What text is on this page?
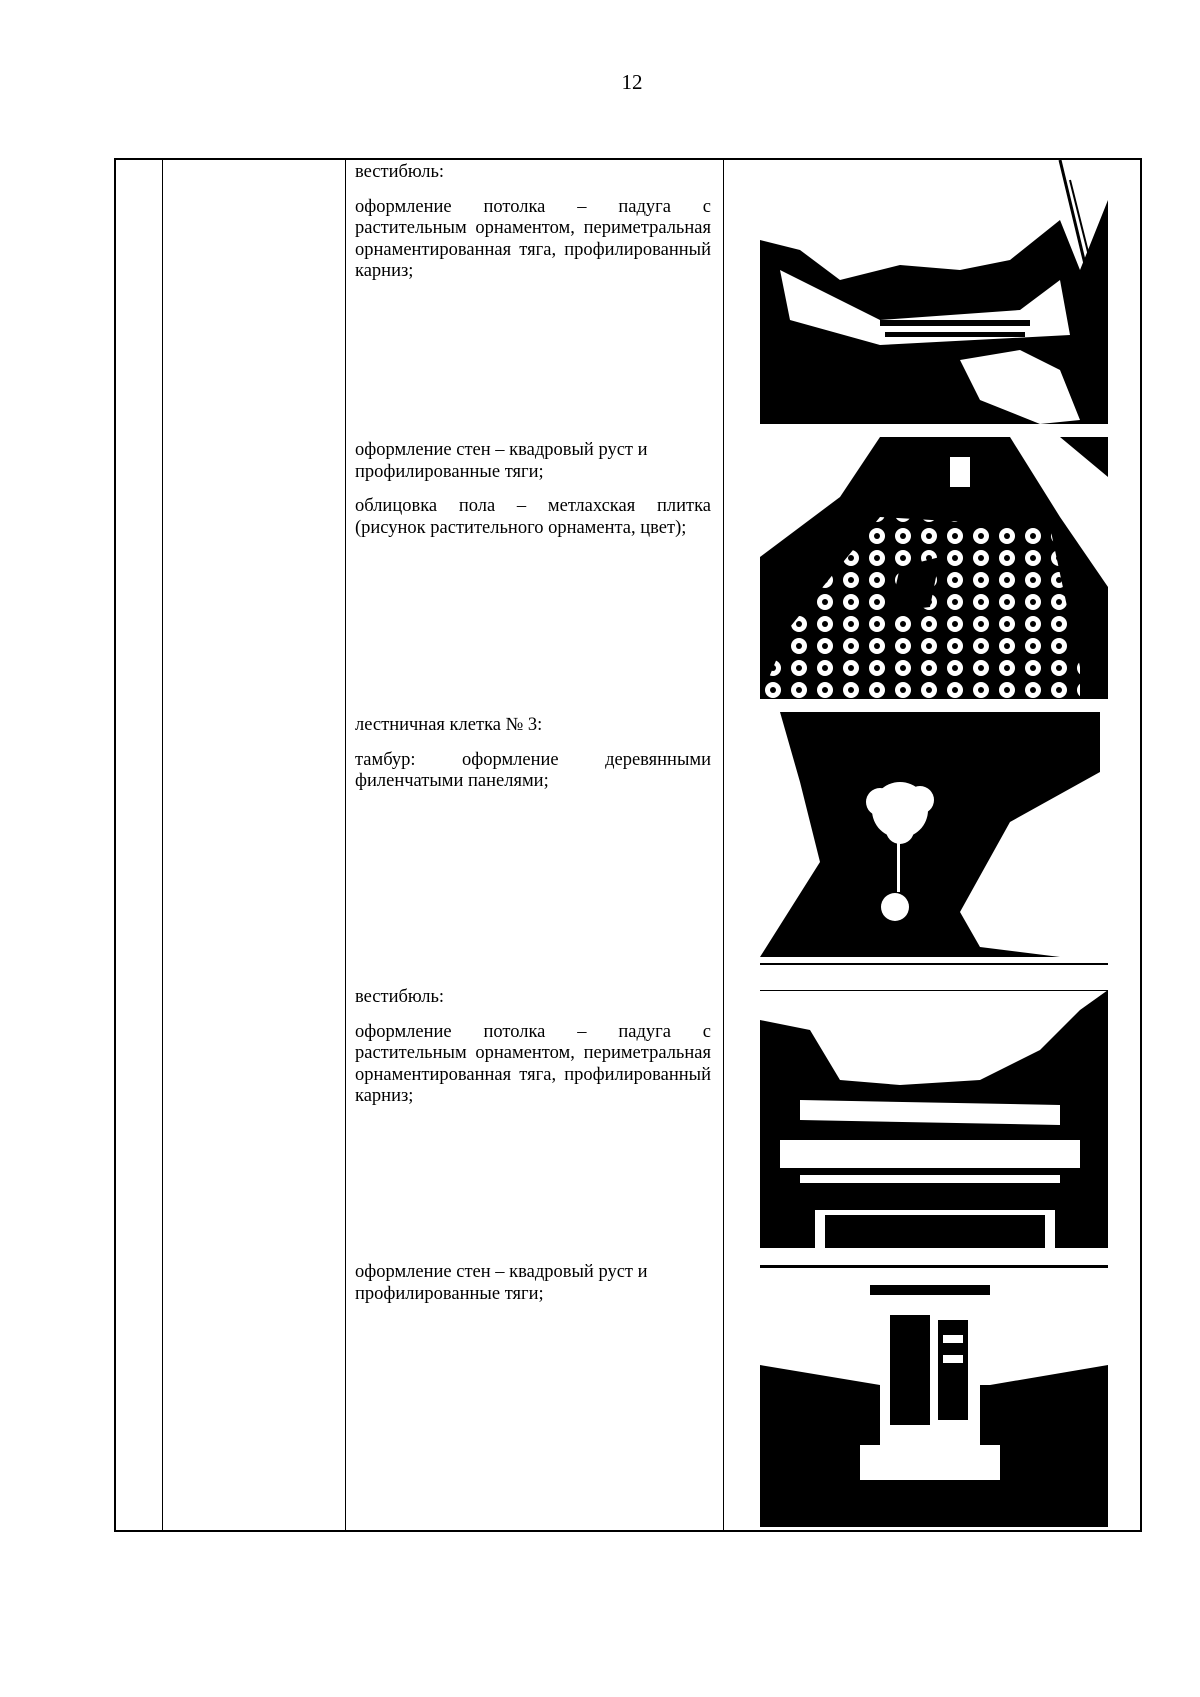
12

вестибюль:

оформление потолка – падуга с растительным орнаментом, периметральная орнаментированная тяга, профилированный карниз;

оформление стен – квадровый руст и профилированные тяги;

облицовка пола – метлахская плитка (рисунок растительного орнамента, цвет);

лестничная клетка № 3:

тамбур: оформление деревянными филенчатыми панелями;

вестибюль:

оформление потолка – падуга с растительным орнаментом, периметральная орнаментированная тяга, профилированный карниз;

оформление стен – квадровый руст и профилированные тяги;
